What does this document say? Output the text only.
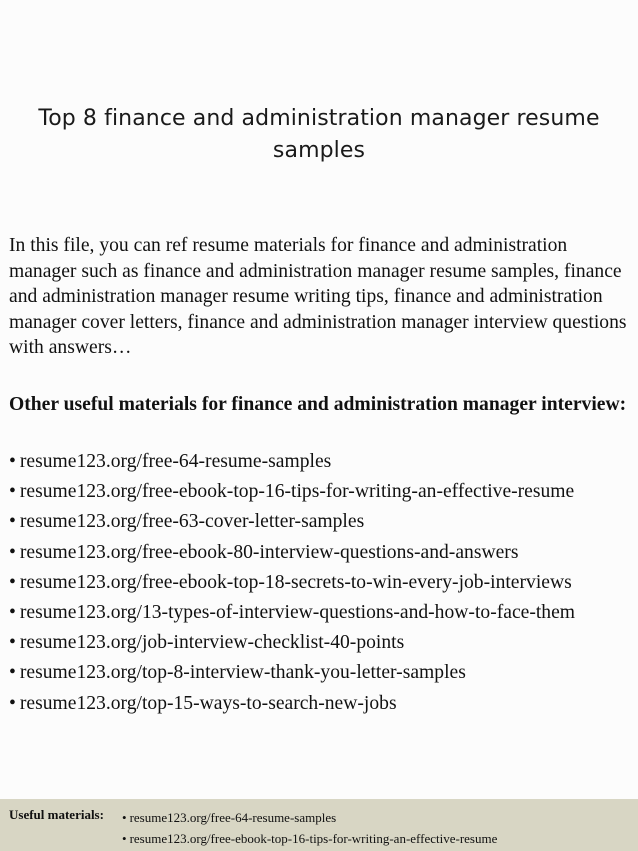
Top 8 finance and administration manager resume samples

In this file, you can ref resume materials for finance and administration manager such as finance and administration manager resume samples, finance and administration manager resume writing tips, finance and administration manager cover letters, finance and administration manager interview questions with answers…

Other useful materials for finance and administration manager interview:

• resume123.org/free-64-resume-samples
• resume123.org/free-ebook-top-16-tips-for-writing-an-effective-resume
• resume123.org/free-63-cover-letter-samples
• resume123.org/free-ebook-80-interview-questions-and-answers
• resume123.org/free-ebook-top-18-secrets-to-win-every-job-interviews
• resume123.org/13-types-of-interview-questions-and-how-to-face-them
• resume123.org/job-interview-checklist-40-points
• resume123.org/top-8-interview-thank-you-letter-samples
• resume123.org/top-15-ways-to-search-new-jobs
Useful materials: • resume123.org/free-64-resume-samples
• resume123.org/free-ebook-top-16-tips-for-writing-an-effective-resume
